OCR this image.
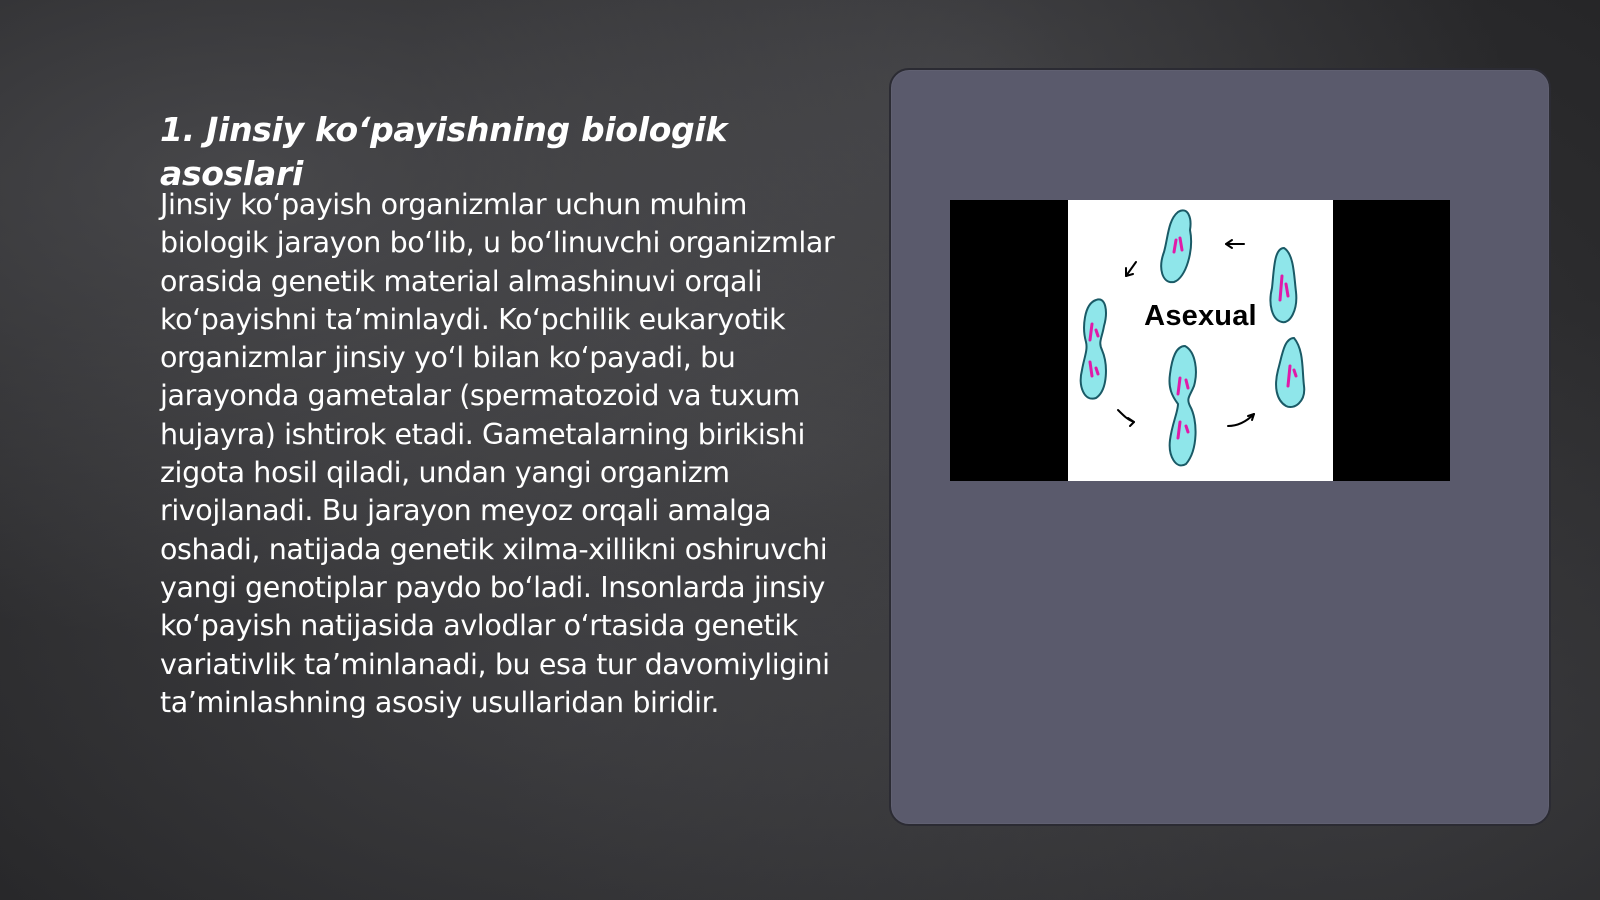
1. Jinsiy ko‘payishning biologik asoslari

Jinsiy ko‘payish organizmlar uchun muhim biologik jarayon bo‘lib, u bo‘linuvchi organizmlar orasida genetik material almashinuvi orqali ko‘payishni ta’minlaydi. Ko‘pchilik eukaryotik organizmlar jinsiy yo‘l bilan ko‘payadi, bu jarayonda gametalar (spermatozoid va tuxum hujayra) ishtirok etadi. Gametalarning birikishi zigota hosil qiladi, undan yangi organizm rivojlanadi. Bu jarayon meyoz orqali amalga oshadi, natijada genetik xilma-xillikni oshiruvchi yangi genotiplar paydo bo‘ladi. Insonlarda jinsiy ko‘payish natijasida avlodlar o‘rtasida genetik variativlik ta’minlanadi, bu esa tur davomiyligini ta’minlashning asosiy usullaridan biridir.

Asexual
